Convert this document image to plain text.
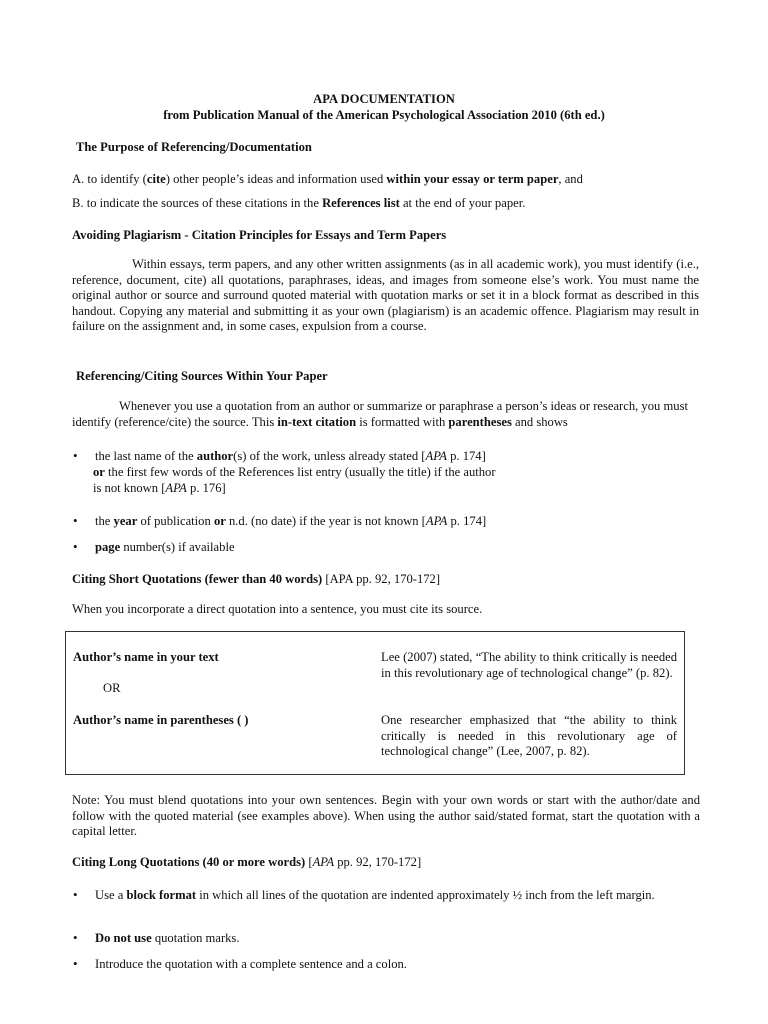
APA DOCUMENTATION

from Publication Manual of the American Psychological Association 2010 (6th ed.)

The Purpose of Referencing/Documentation

A. to identify (cite) other people’s ideas and information used within your essay or term paper, and

B. to indicate the sources of these citations in the References list at the end of your paper.

Avoiding Plagiarism - Citation Principles for Essays and Term Papers

Within essays, term papers, and any other written assignments (as in all academic work), you must identify (i.e., reference, document, cite) all quotations, paraphrases, ideas, and images from someone else’s work. You must name the original author or source and surround quoted material with quotation marks or set it in a block format as described in this handout. Copying any material and submitting it as your own (plagiarism) is an academic offence. Plagiarism may result in failure on the assignment and, in some cases, expulsion from a course.

Referencing/Citing Sources Within Your Paper

Whenever you use a quotation from an author or summarize or paraphrase a person’s ideas or research, you must identify (reference/cite) the source. This in-text citation is formatted with parentheses and shows

• the last name of the author(s) of the work, unless already stated [APA p. 174]

or the first few words of the References list entry (usually the title) if the author

is not known [APA p. 176]

• the year of publication or n.d. (no date) if the year is not known [APA p. 174]

• page number(s) if available

Citing Short Quotations (fewer than 40 words) [APA pp. 92, 170-172]

When you incorporate a direct quotation into a sentence, you must cite its source.

Author’s name in your text	Lee (2007) stated, “The ability to think critically is needed in this revolutionary age of technological change” (p. 82).

OR

Author’s name in parentheses ( )	One researcher emphasized that “the ability to think critically is needed in this revolutionary age of technological change” (Lee, 2007, p. 82).

Note: You must blend quotations into your own sentences. Begin with your own words or start with the author/date and follow with the quoted material (see examples above). When using the author said/stated format, start the quotation with a capital letter.

Citing Long Quotations (40 or more words) [APA pp. 92, 170-172]

• Use a block format in which all lines of the quotation are indented approximately ½ inch from the left margin.

• Do not use quotation marks.

• Introduce the quotation with a complete sentence and a colon.
